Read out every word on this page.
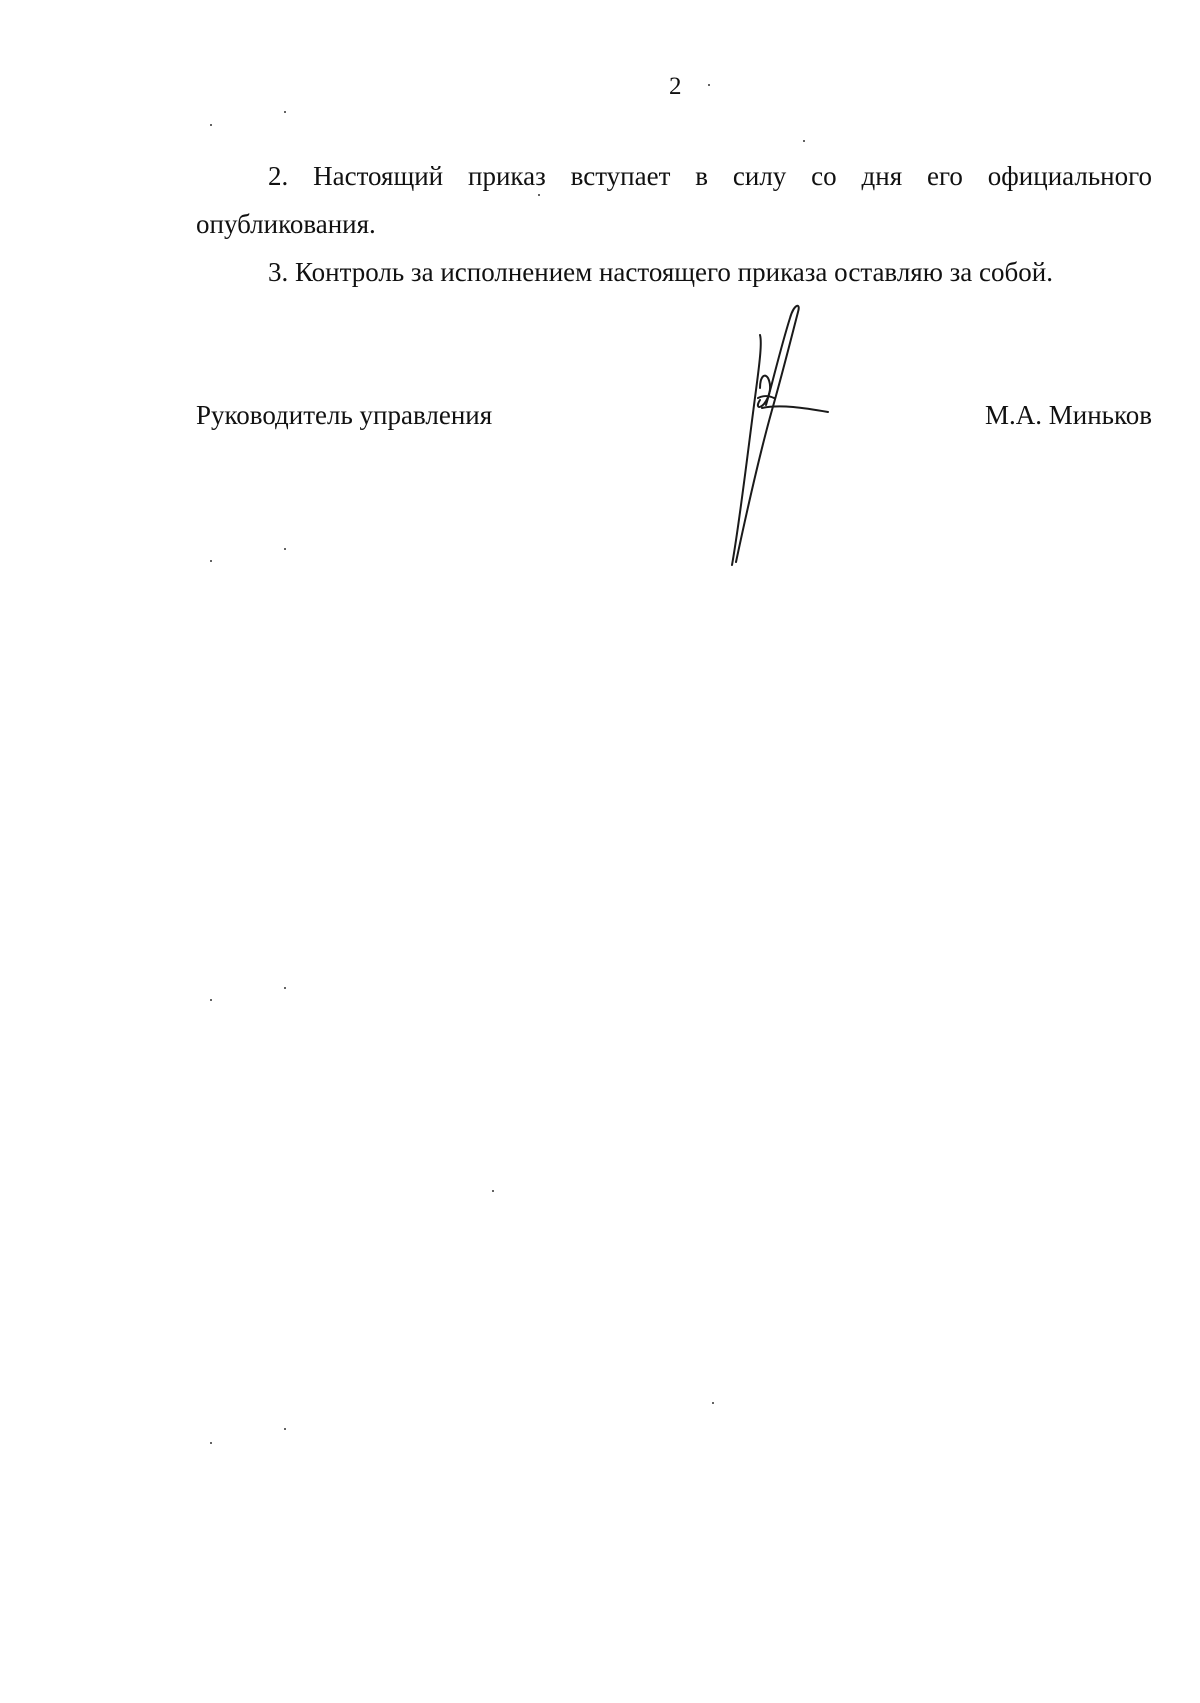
2

2. Настоящий приказ вступает в силу со дня его официального опубликования.

3. Контроль за исполнением настоящего приказа оставляю за собой.

Руководитель управления	М.А. Миньков
